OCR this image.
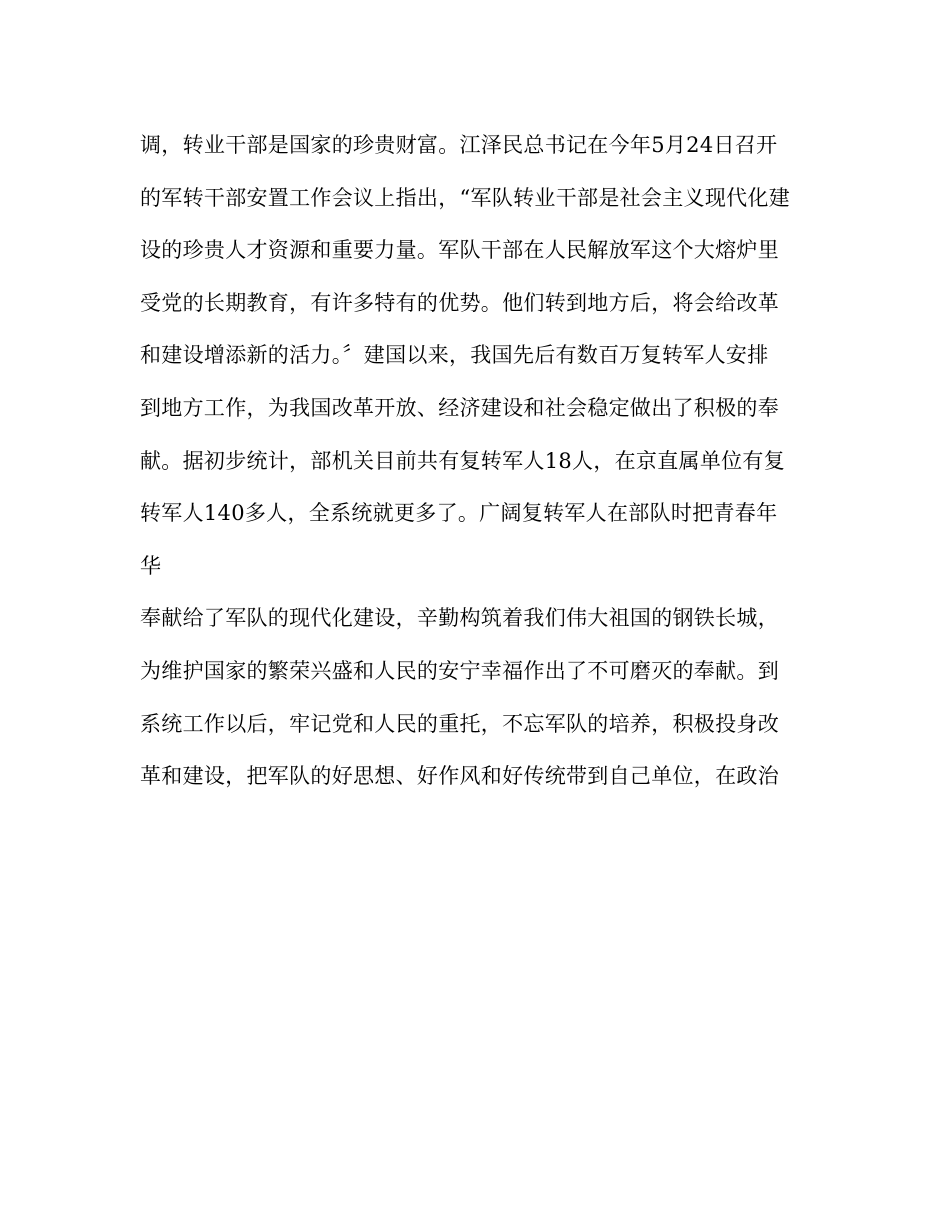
调，转业干部是国家的珍贵财富。江泽民总书记在今年5月24日召开
的军转干部安置工作会议上指出，“军队转业干部是社会主义现代化建
设的珍贵人才资源和重要力量。军队干部在人民解放军这个大熔炉里
受党的长期教育，有许多特有的优势。他们转到地方后，将会给改革
和建设增添新的活力。〞建国以来，我国先后有数百万复转军人安排
到地方工作，为我国改革开放、经济建设和社会稳定做出了积极的奉
献。据初步统计，部机关目前共有复转军人18人，在京直属单位有复
转军人140多人，全系统就更多了。广阔复转军人在部队时把青春年
华
奉献给了军队的现代化建设，辛勤构筑着我们伟大祖国的钢铁长城，
为维护国家的繁荣兴盛和人民的安宁幸福作出了不可磨灭的奉献。到
系统工作以后，牢记党和人民的重托，不忘军队的培养，积极投身改
革和建设，把军队的好思想、好作风和好传统带到自己单位，在政治
